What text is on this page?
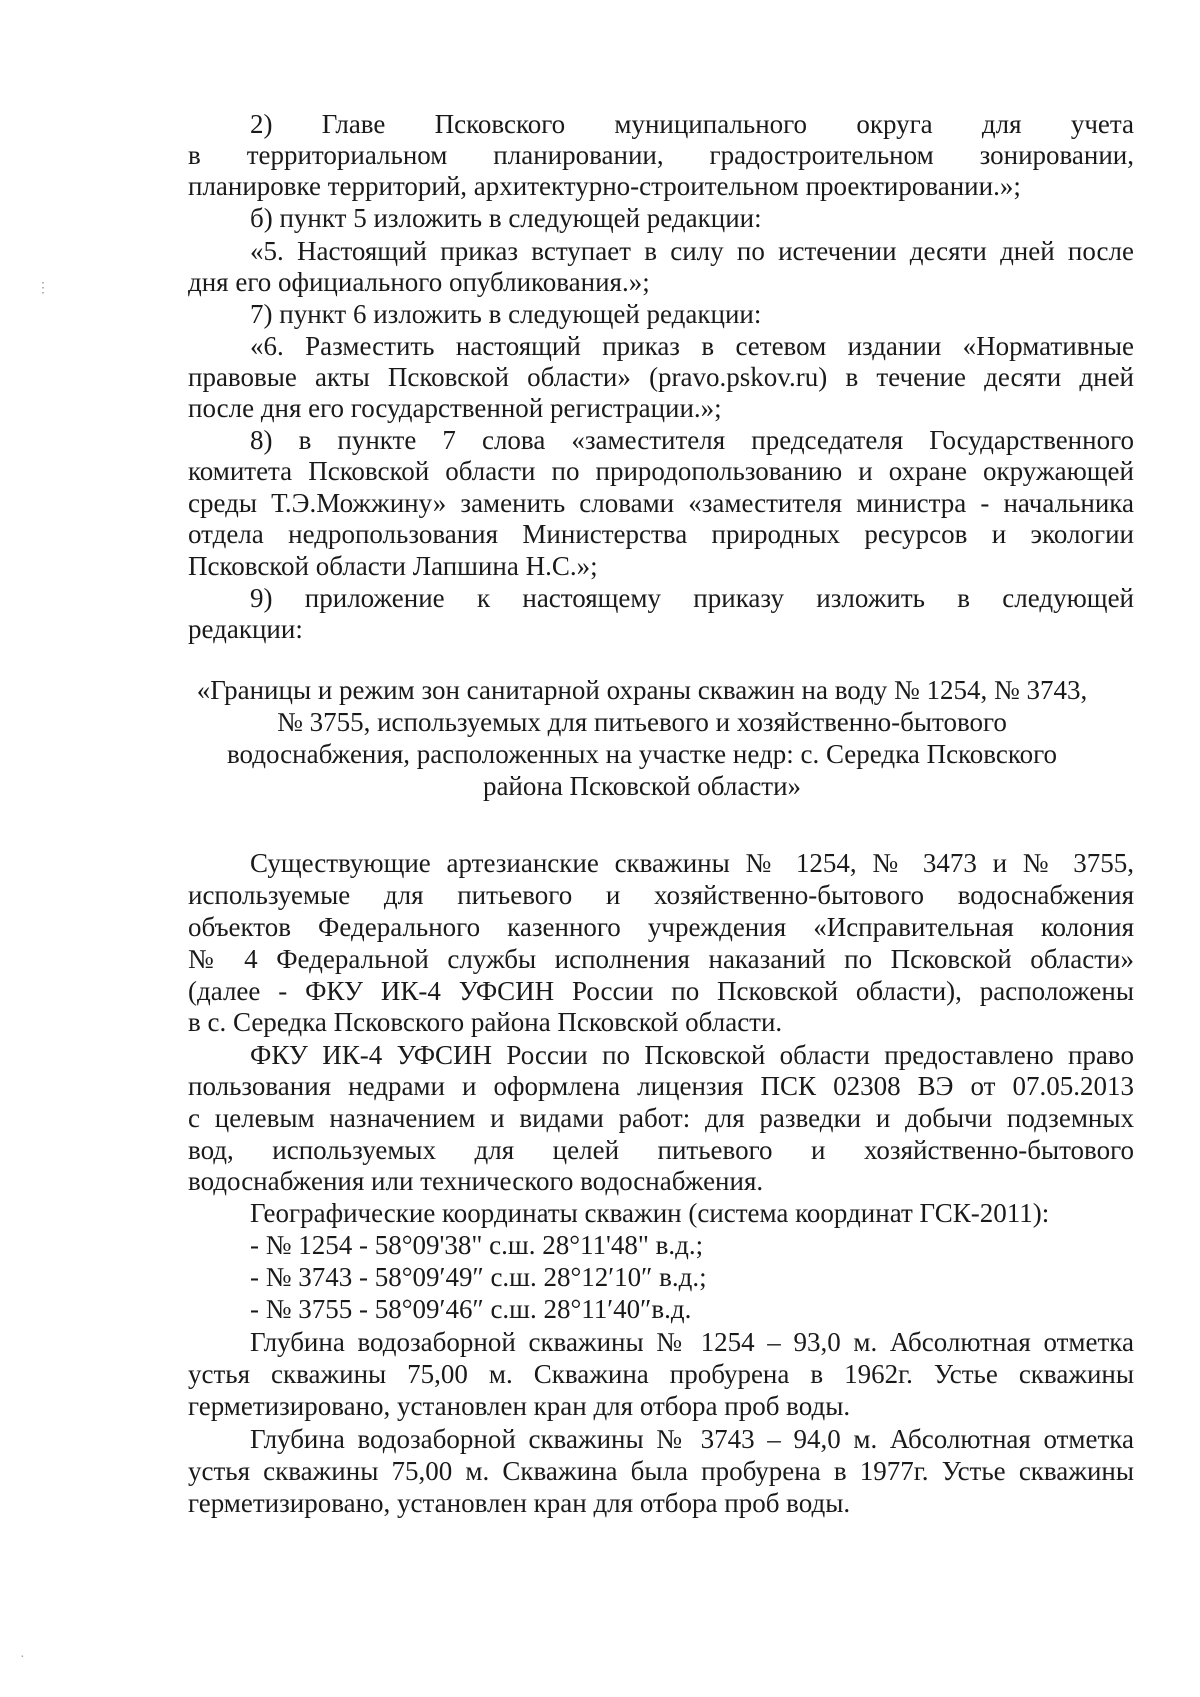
2) Главе Псковского муниципального округа для учета
в территориальном планировании, градостроительном зонировании,
планировке территорий, архитектурно-строительном проектировании.»;
б) пункт 5 изложить в следующей редакции:
«5. Настоящий приказ вступает в силу по истечении десяти дней после
дня его официального опубликования.»;
7) пункт 6 изложить в следующей редакции:
«6. Разместить настоящий приказ в сетевом издании «Нормативные
правовые акты Псковской области» (pravo.pskov.ru) в течение десяти дней
после дня его государственной регистрации.»;
8) в пункте 7 слова «заместителя председателя Государственного
комитета Псковской области по природопользованию и охране окружающей
среды Т.Э.Можжину» заменить словами «заместителя министра - начальника
отдела недропользования Министерства природных ресурсов и экологии
Псковской области Лапшина Н.С.»;
9) приложение к настоящему приказу изложить в следующей
редакции:
«Границы и режим зон санитарной охраны скважин на воду № 1254, № 3743,
№ 3755, используемых для питьевого и хозяйственно-бытового
водоснабжения, расположенных на участке недр: с. Середка Псковского
района Псковской области»
Существующие артезианские скважины № 1254, № 3473 и № 3755,
используемые для питьевого и хозяйственно-бытового водоснабжения
объектов Федерального казенного учреждения «Исправительная колония
№ 4 Федеральной службы исполнения наказаний по Псковской области»
(далее - ФКУ ИК-4 УФСИН России по Псковской области), расположены
в с. Середка Псковского района Псковской области.
ФКУ ИК-4 УФСИН России по Псковской области предоставлено право
пользования недрами и оформлена лицензия ПСК 02308 ВЭ от 07.05.2013
с целевым назначением и видами работ: для разведки и добычи подземных
вод, используемых для целей питьевого и хозяйственно-бытового
водоснабжения или технического водоснабжения.
Географические координаты скважин (система координат ГСК-2011):
- № 1254 - 58°09'38" с.ш. 28°11'48" в.д.;
- № 3743 - 58°09′49″ с.ш. 28°12′10″ в.д.;
- № 3755 - 58°09′46″ с.ш. 28°11′40″в.д.
Глубина водозаборной скважины № 1254 – 93,0 м. Абсолютная отметка
устья скважины 75,00 м. Скважина пробурена в 1962г. Устье скважины
герметизировано, установлен кран для отбора проб воды.
Глубина водозаборной скважины № 3743 – 94,0 м. Абсолютная отметка
устья скважины 75,00 м. Скважина была пробурена в 1977г. Устье скважины
герметизировано, установлен кран для отбора проб воды.
⋮
·
